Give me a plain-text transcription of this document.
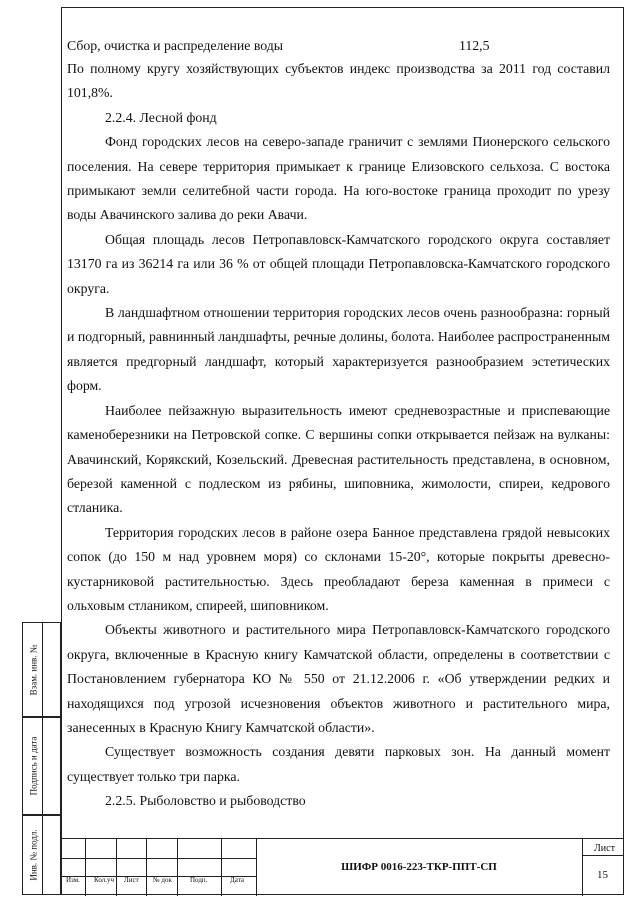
Сбор, очистка и распределение воды	112,5

По полному кругу хозяйствующих субъектов индекс производства за 2011 год составил 101,8%.

2.2.4. Лесной фонд

Фонд городских лесов на северо-западе граничит с землями Пионерского сельского поселения. На севере территория примыкает к границе Елизовского сельхоза. С востока примыкают земли селитебной части города. На юго-востоке граница проходит по урезу воды Авачинского залива до реки Авачи.

Общая площадь лесов Петропавловск-Камчатского городского округа составляет 13170 га из 36214 га или 36 % от общей площади Петропавловска-Камчатского городского округа.

В ландшафтном отношении территория городских лесов очень разнообразна: горный и подгорный, равнинный ландшафты, речные долины, болота. Наиболее распространенным является предгорный ландшафт, который характеризуется разнообразием эстетических форм.

Наиболее пейзажную выразительность имеют средневозрастные и приспевающие каменоберезники на Петровской сопке. С вершины сопки открывается пейзаж на вулканы: Авачинский, Корякский, Козельский. Древесная растительность представлена, в основном, березой каменной с подлеском из рябины, шиповника, жимолости, спиреи, кедрового стланика.

Территория городских лесов в районе озера Банное представлена грядой невысоких сопок (до 150 м над уровнем моря) со склонами 15-20°, которые покрыты древесно-кустарниковой растительностью. Здесь преобладают береза каменная в примеси с ольховым стлаником, спиреей, шиповником.

Объекты животного и растительного мира Петропавловск-Камчатского городского округа, включенные в Красную книгу Камчатской области, определены в соответствии с Постановлением губернатора КО № 550 от 21.12.2006 г. «Об утверждении редких и находящихся под угрозой исчезновения объектов животного и растительного мира, занесенных в Красную Книгу Камчатской области».

Существует возможность создания девяти парковых зон. На данный момент существует только три парка.

2.2.5. Рыболовство и рыбоводство

Взам. инв. №
Подпись и дата
Инв. № подл.	Изм. Кол.уч Лист № док	Подп.	Дата
ШИФР 0016-223-ТКР-ППТ-СП
Лист
15
